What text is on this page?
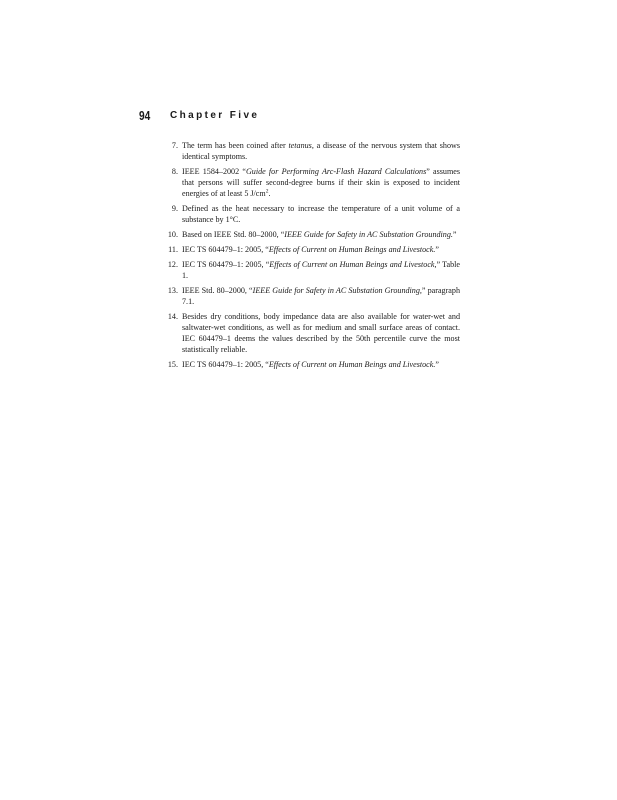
94 Chapter Five
7. The term has been coined after tetanus, a disease of the nervous system that shows identical symptoms.
8. IEEE 1584–2002 “Guide for Performing Arc-Flash Hazard Calculations” assumes that persons will suffer second-degree burns if their skin is exposed to incident energies of at least 5 $J/cm^2$.
9. Defined as the heat necessary to increase the temperature of a unit volume of a substance by 1°C.
10. Based on IEEE Std. 80–2000, “IEEE Guide for Safety in AC Substation Grounding.”
11. IEC TS 604479–1: 2005, “Effects of Current on Human Beings and Livestock.”
12. IEC TS 604479–1: 2005, “Effects of Current on Human Beings and Livestock,” Table 1.
13. IEEE Std. 80–2000, “IEEE Guide for Safety in AC Substation Grounding,” paragraph 7.1.
14. Besides dry conditions, body impedance data are also available for water-wet and saltwater-wet conditions, as well as for medium and small surface areas of contact. IEC 604479–1 deems the values described by the 50th percentile curve the most statistically reliable.
15. IEC TS 604479–1: 2005, “Effects of Current on Human Beings and Livestock.”
